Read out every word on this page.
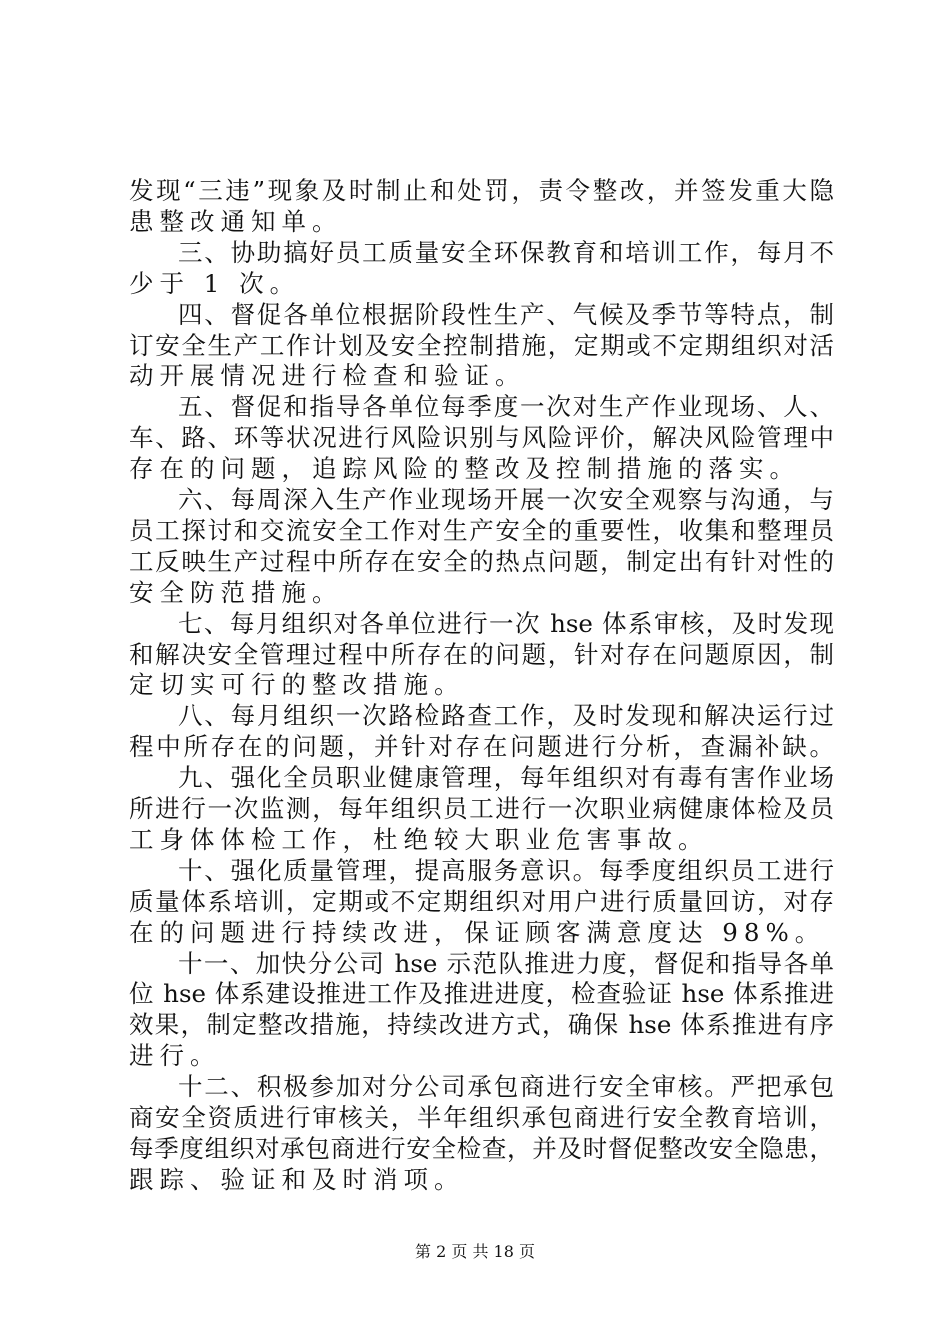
发现“三违”现象及时制止和处罚，责令整改，并签发重大隐
患整改通知单。
三、协助搞好员工质量安全环保教育和培训工作，每月不
少于 1 次。
四、督促各单位根据阶段性生产、气候及季节等特点，制
订安全生产工作计划及安全控制措施，定期或不定期组织对活
动开展情况进行检查和验证。
五、督促和指导各单位每季度一次对生产作业现场、人、
车、路、环等状况进行风险识别与风险评价，解决风险管理中
存在的问题，追踪风险的整改及控制措施的落实。
六、每周深入生产作业现场开展一次安全观察与沟通，与
员工探讨和交流安全工作对生产安全的重要性，收集和整理员
工反映生产过程中所存在安全的热点问题，制定出有针对性的
安全防范措施。
七、每月组织对各单位进行一次 hse 体系审核，及时发现
和解决安全管理过程中所存在的问题，针对存在问题原因，制
定切实可行的整改措施。
八、每月组织一次路检路查工作，及时发现和解决运行过
程中所存在的问题，并针对存在问题进行分析，查漏补缺。
九、强化全员职业健康管理，每年组织对有毒有害作业场
所进行一次监测，每年组织员工进行一次职业病健康体检及员
工身体体检工作，杜绝较大职业危害事故。
十、强化质量管理，提高服务意识。每季度组织员工进行
质量体系培训，定期或不定期组织对用户进行质量回访，对存
在的问题进行持续改进，保证顾客满意度达 98%。
十一、加快分公司 hse 示范队推进力度，督促和指导各单
位 hse 体系建设推进工作及推进进度，检查验证 hse 体系推进
效果，制定整改措施，持续改进方式，确保 hse 体系推进有序
进行。
十二、积极参加对分公司承包商进行安全审核。严把承包
商安全资质进行审核关，半年组织承包商进行安全教育培训，
每季度组织对承包商进行安全检查，并及时督促整改安全隐患，
跟踪、验证和及时消项。
第 2 页 共 18 页
